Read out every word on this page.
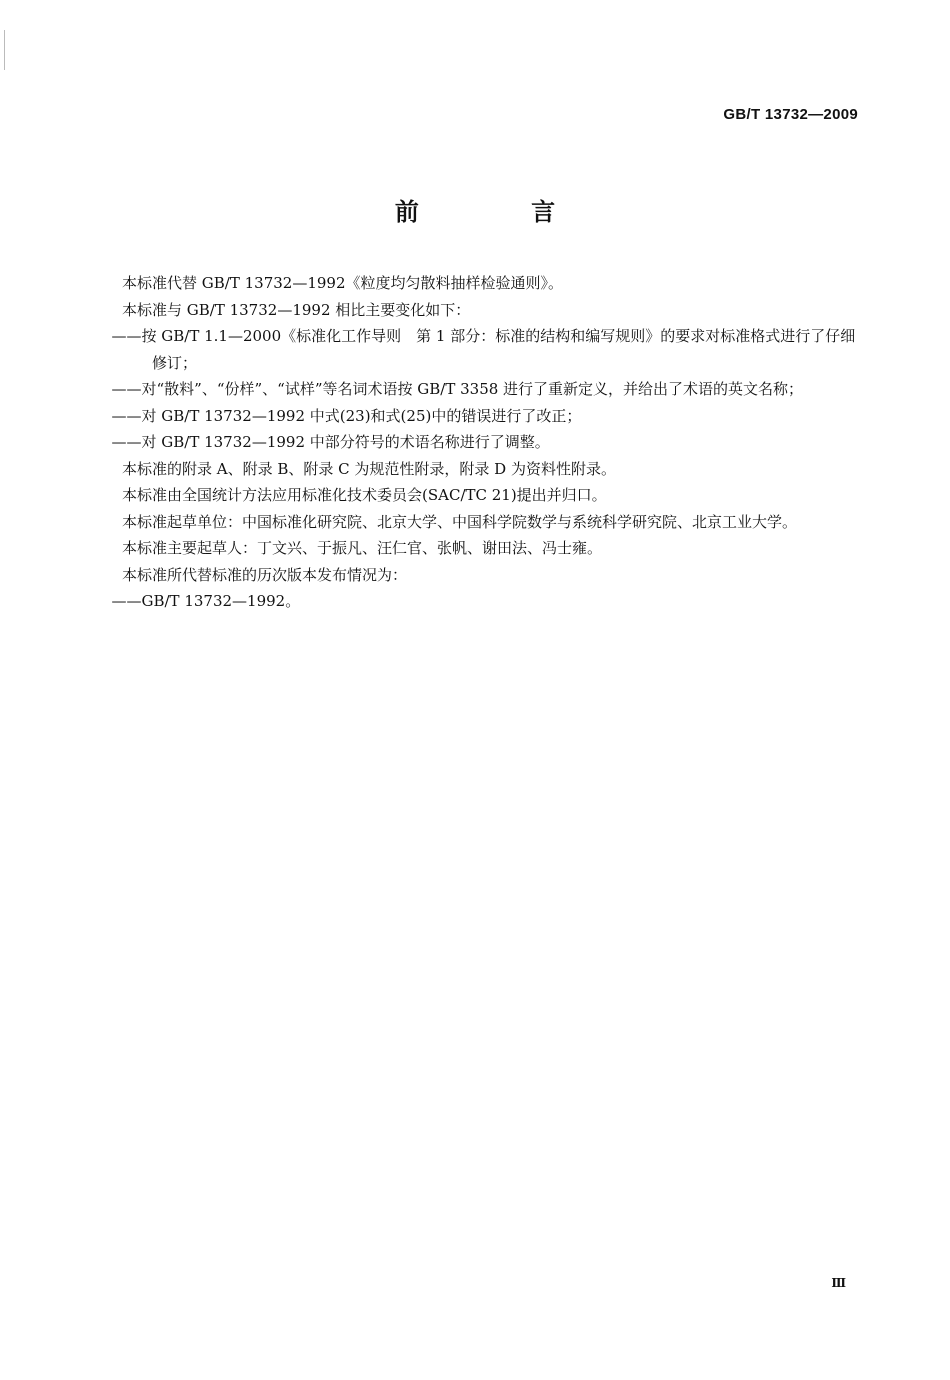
GB/T 13732—2009
前 言

本标准代替 GB/T 13732—1992《粒度均匀散料抽样检验通则》。

本标准与 GB/T 13732—1992 相比主要变化如下：

——按 GB/T 1.1—2000《标准化工作导则　第 1 部分：标准的结构和编写规则》的要求对标准格式进行了仔细修订；

——对“散料”、“份样”、“试样”等名词术语按 GB/T 3358 进行了重新定义，并给出了术语的英文名称；

——对 GB/T 13732—1992 中式(23)和式(25)中的错误进行了改正；

——对 GB/T 13732—1992 中部分符号的术语名称进行了调整。

本标准的附录 A、附录 B、附录 C 为规范性附录，附录 D 为资料性附录。

本标准由全国统计方法应用标准化技术委员会(SAC/TC 21)提出并归口。

本标准起草单位：中国标准化研究院、北京大学、中国科学院数学与系统科学研究院、北京工业大学。

本标准主要起草人：丁文兴、于振凡、汪仁官、张帆、谢田法、冯士雍。

本标准所代替标准的历次版本发布情况为：

——GB/T 13732—1992。

Ⅲ
